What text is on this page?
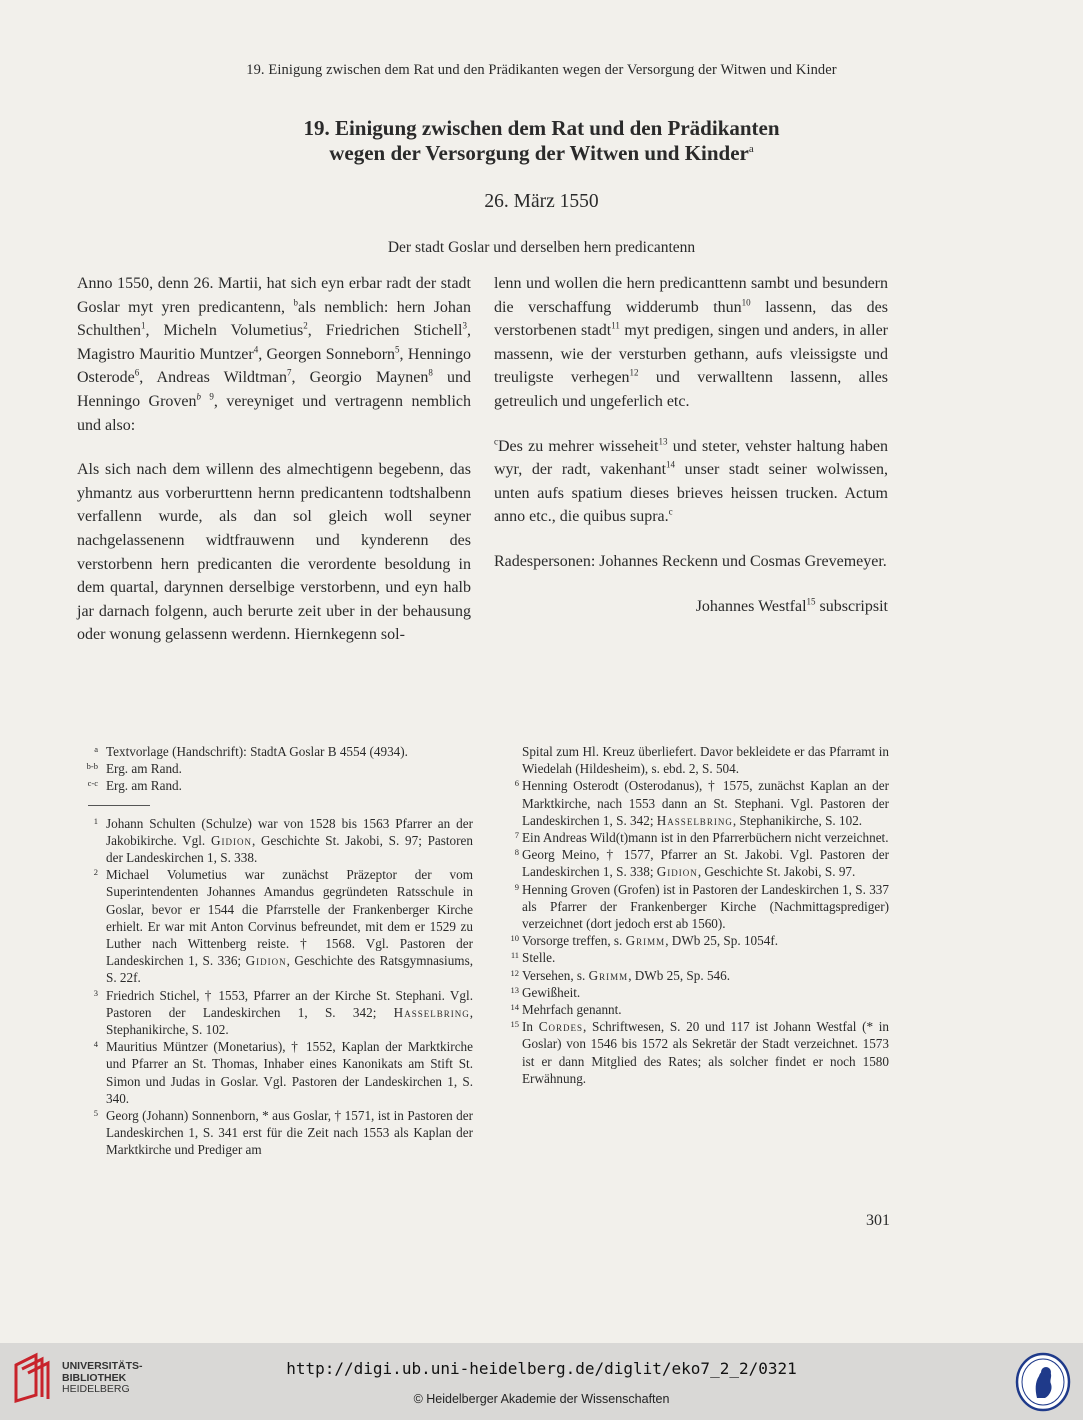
19. Einigung zwischen dem Rat und den Prädikanten wegen der Versorgung der Witwen und Kinder
19. Einigung zwischen dem Rat und den Prädikanten
wegen der Versorgung der Witwen und Kinder$^a$
26. März 1550
Der stadt Goslar und derselben hern predicantenn

Anno 1550, denn 26. Martii, hat sich eyn erbar radt der stadt Goslar myt yren predicantenn, $^b$als nemblich: hern Johan Schulthen$^1$, Micheln Volumetius$^2$, Friedrichen Stichell$^3$, Magistro Mauritio Muntzer$^4$, Georgen Sonneborn$^5$, Henningo Osterode$^6$, Andreas Wildtman$^7$, Georgio Maynen$^8$ und Henningo Groven$^b$ $^9$, vereyniget und vertragenn nemblich und also:

Als sich nach dem willenn des almechtigenn begebenn, das yhmantz aus vorberurttenn hernn predicantenn todtshalbenn verfallenn wurde, als dan sol gleich woll seyner nachgelassenenn widtfrauwenn und kynderenn des verstorbenn hern predicanten die verordente besoldung in dem quartal, darynnen derselbige verstorbenn, und eyn halb jar darnach folgenn, auch berurte zeit uber in der behausung oder wonung gelassenn werdenn. Hiernkegenn sol-

lenn und wollen die hern predicanttenn sambt und besundern die verschaffung widderumb thun$^{10}$ lassenn, das des verstorbenen stadt$^{11}$ myt predigen, singen und anders, in aller massenn, wie der versturben gethann, aufs vleissigste und treuligste verhegen$^{12}$ und verwalltenn lassenn, alles getreulich und ungeferlich etc.

$^c$Des zu mehrer wisseheit$^{13}$ und steter, vehster haltung haben wyr, der radt, vakenhant$^{14}$ unser stadt seiner wolwissen, unten aufs spatium dieses brieves heissen trucken. Actum anno etc., die quibus supra.$^c$

Radespersonen: Johannes Reckenn und Cosmas Grevemeyer.

Johannes Westfal$^{15}$ subscripsit

a Textvorlage (Handschrift): StadtA Goslar B 4554 (4934).

b-b Erg. am Rand.

c-c Erg. am Rand.

1 Johann Schulten (Schulze) war von 1528 bis 1563 Pfarrer an der Jakobikirche. Vgl. Gidion, Geschichte St. Jakobi, S. 97; Pastoren der Landeskirchen 1, S. 338.

2 Michael Volumetius war zunächst Präzeptor der vom Superintendenten Johannes Amandus gegründeten Ratsschule in Goslar, bevor er 1544 die Pfarrstelle der Frankenberger Kirche erhielt. Er war mit Anton Corvinus befreundet, mit dem er 1529 zu Luther nach Wittenberg reiste. † 1568. Vgl. Pastoren der Landeskirchen 1, S. 336; Gidion, Geschichte des Ratsgymnasiums, S. 22f.

3 Friedrich Stichel, † 1553, Pfarrer an der Kirche St. Stephani. Vgl. Pastoren der Landeskirchen 1, S. 342; Hasselbring, Stephanikirche, S. 102.

4 Mauritius Müntzer (Monetarius), † 1552, Kaplan der Marktkirche und Pfarrer an St. Thomas, Inhaber eines Kanonikats am Stift St. Simon und Judas in Goslar. Vgl. Pastoren der Landeskirchen 1, S. 340.

5 Georg (Johann) Sonnenborn, * aus Goslar, † 1571, ist in Pastoren der Landeskirchen 1, S. 341 erst für die Zeit nach 1553 als Kaplan der Marktkirche und Prediger am

Spital zum Hl. Kreuz überliefert. Davor bekleidete er das Pfarramt in Wiedelah (Hildesheim), s. ebd. 2, S. 504.

6 Henning Osterodt (Osterodanus), † 1575, zunächst Kaplan an der Marktkirche, nach 1553 dann an St. Stephani. Vgl. Pastoren der Landeskirchen 1, S. 342; Hasselbring, Stephanikirche, S. 102.

7 Ein Andreas Wild(t)mann ist in den Pfarrerbüchern nicht verzeichnet.

8 Georg Meino, † 1577, Pfarrer an St. Jakobi. Vgl. Pastoren der Landeskirchen 1, S. 338; Gidion, Geschichte St. Jakobi, S. 97.

9 Henning Groven (Grofen) ist in Pastoren der Landeskirchen 1, S. 337 als Pfarrer der Frankenberger Kirche (Nachmittagsprediger) verzeichnet (dort jedoch erst ab 1560).

10 Vorsorge treffen, s. Grimm, DWb 25, Sp. 1054f.

11 Stelle.

12 Versehen, s. Grimm, DWb 25, Sp. 546.

13 Gewißheit.

14 Mehrfach genannt.

15 In Cordes, Schriftwesen, S. 20 und 117 ist Johann Westfal (* in Goslar) von 1546 bis 1572 als Sekretär der Stadt verzeichnet. 1573 ist er dann Mitglied des Rates; als solcher findet er noch 1580 Erwähnung.

301
UNIVERSITÄTS-
BIBLIOTHEK
HEIDELBERG
http://digi.ub.uni-heidelberg.de/diglit/eko7_2_2/0321
© Heidelberger Akademie der Wissenschaften
